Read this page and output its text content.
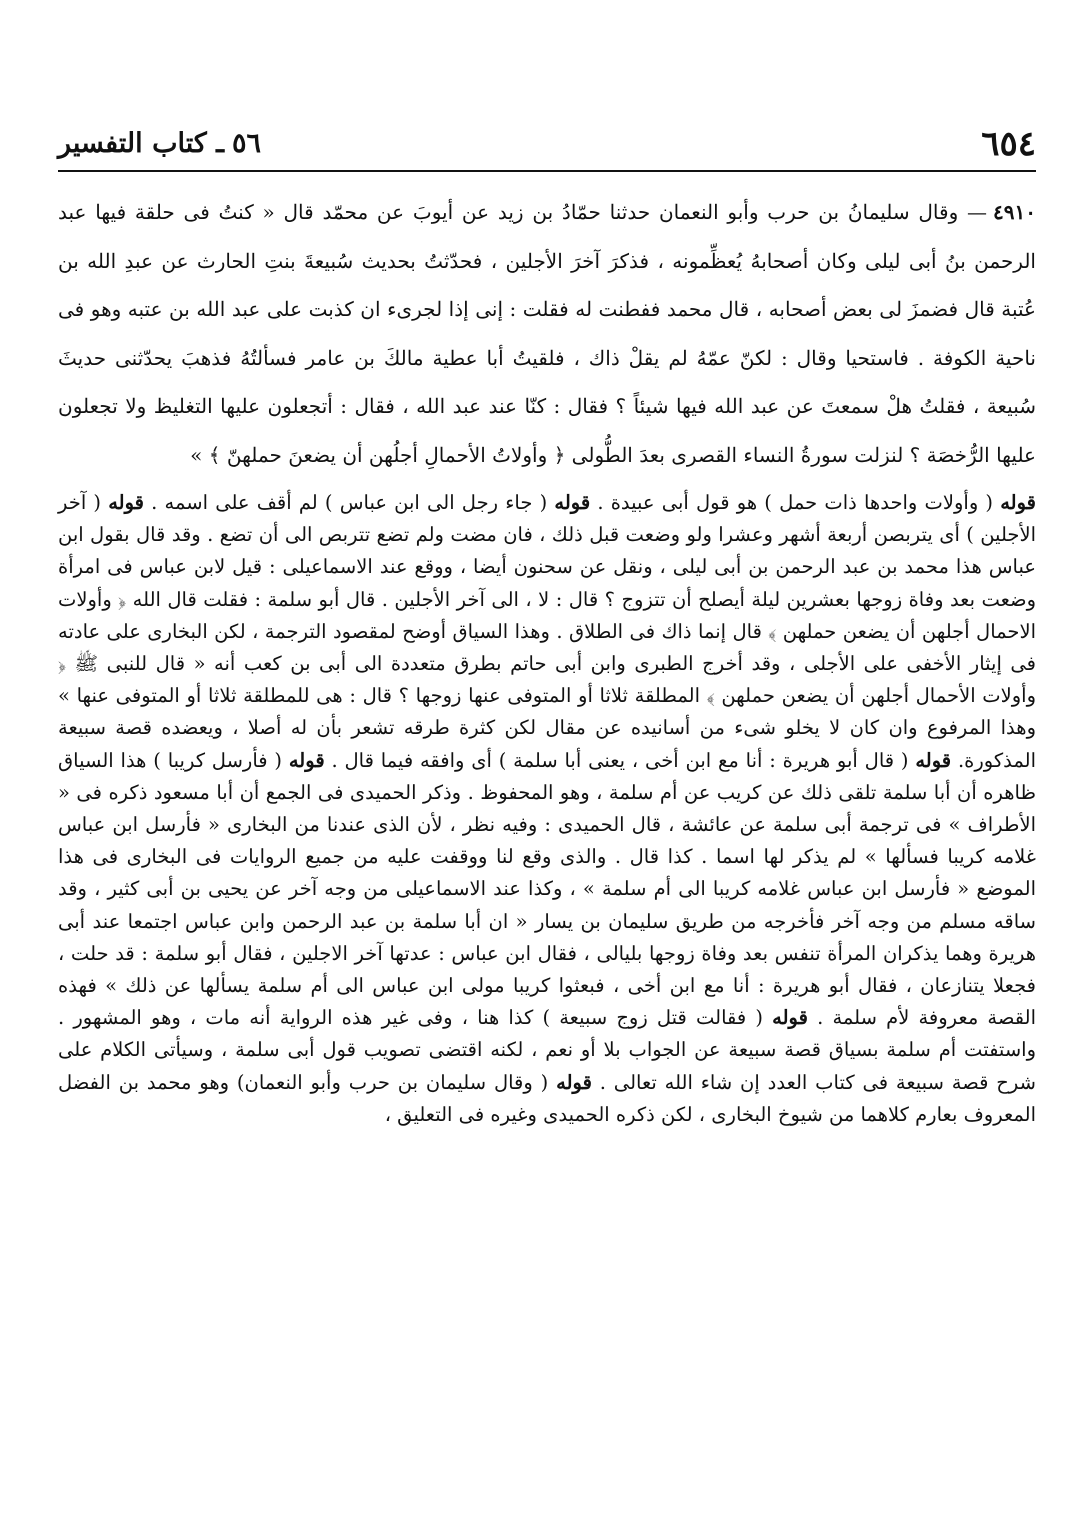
٦٥٤
٥٦ـ كتاب التفسير
٤٩١٠— وقال سليمانُ بن حرب وأبو النعمان حدثنا حمّادُ بن زيد عن أيوبَ عن محمّد قال « كنتُ فى حلقة فيها عبد الرحمن بنُ أبى ليلى وكان أصحابهُ يُعظِّمونه ، فذكرَ آخرَ الأجلين ، فحدّثتُ بحديث سُبيعةَ بنتِ الحارث عن عبدِ الله بن عُتبة قال فضمزَ لى بعض أصحابه ، قال محمد ففطنت له فقلت : إنى إذا لجرىء ان كذبت على عبد الله بن عتبه وهو فى ناحية الكوفة . فاستحيا وقال : لكنّ عمّهُ لم يقلْ ذاك ، فلقيتُ أبا عطية مالكَ بن عامر فسألتُهُ فذهبَ يحدّثنى حديثَ سُبيعة ، فقلتُ هلْ سمعتَ عن عبد الله فيها شيئاً ؟ فقال : كنّا عند عبد الله ، فقال : أتجعلون عليها التغليظ ولا تجعلون عليها الرُّخصَة ؟ لنزلت سورةُ النساء القصرى بعدَ الطُّولى ﴿ وأولاتُ الأحمالِ أجلُهن أن يضعنَ حملهنّ ﴾ »
قوله ( وأولات واحدها ذات حمل ) هو قول أبى عبيدة . قوله ( جاء رجل الى ابن عباس ) لم أقف على اسمه . قوله ( آخر الأجلين ) أى يتربصن أربعة أشهر وعشرا ولو وضعت قبل ذلك ، فان مضت ولم تضع تتربص الى أن تضع . وقد قال بقول ابن عباس هذا محمد بن عبد الرحمن بن أبى ليلى ، ونقل عن سحنون أيضا ، ووقع عند الاسماعيلى : قيل لابن عباس فى امرأة وضعت بعد وفاة زوجها بعشرين ليلة أيصلح أن تتزوج ؟ قال : لا ، الى آخر الأجلين . قال أبو سلمة : فقلت قال الله ﴿ وأولات الاحمال أجلهن أن يضعن حملهن ﴾ قال إنما ذاك فى الطلاق . وهذا السياق أوضح لمقصود الترجمة ، لكن البخارى على عادته فى إيثار الأخفى على الأجلى ، وقد أخرج الطبرى وابن أبى حاتم بطرق متعددة الى أبى بن كعب أنه « قال للنبى ﷺ ﴿ وأولات الأحمال أجلهن أن يضعن حملهن ﴾ المطلقة ثلاثا أو المتوفى عنها زوجها ؟ قال : هى للمطلقة ثلاثا أو المتوفى عنها » وهذا المرفوع وان كان لا يخلو شىء من أسانيده عن مقال لكن كثرة طرقه تشعر بأن له أصلا ، ويعضده قصة سبيعة المذكورة. قوله ( قال أبو هريرة : أنا مع ابن أخى ، يعنى أبا سلمة ) أى وافقه فيما قال . قوله ( فأرسل كريبا ) هذا السياق ظاهره أن أبا سلمة تلقى ذلك عن كريب عن أم سلمة ، وهو المحفوظ . وذكر الحميدى فى الجمع أن أبا مسعود ذكره فى « الأطراف » فى ترجمة أبى سلمة عن عائشة ، قال الحميدى : وفيه نظر ، لأن الذى عندنا من البخارى « فأرسل ابن عباس غلامه كريبا فسألها » لم يذكر لها اسما . كذا قال . والذى وقع لنا ووقفت عليه من جميع الروايات فى البخارى فى هذا الموضع « فأرسل ابن عباس غلامه كريبا الى أم سلمة » ، وكذا عند الاسماعيلى من وجه آخر عن يحيى بن أبى كثير ، وقد ساقه مسلم من وجه آخر فأخرجه من طريق سليمان بن يسار « ان أبا سلمة بن عبد الرحمن وابن عباس اجتمعا عند أبى هريرة وهما يذكران المرأة تنفس بعد وفاة زوجها بليالى ، فقال ابن عباس : عدتها آخر الاجلين ، فقال أبو سلمة : قد حلت ، فجعلا يتنازعان ، فقال أبو هريرة : أنا مع ابن أخى ، فبعثوا كريبا مولى ابن عباس الى أم سلمة يسألها عن ذلك » فهذه القصة معروفة لأم سلمة . قوله ( فقالت قتل زوج سبيعة ) كذا هنا ، وفى غير هذه الرواية أنه مات ، وهو المشهور . واستفتت أم سلمة بسياق قصة سبيعة عن الجواب بلا أو نعم ، لكنه اقتضى تصويب قول أبى سلمة ، وسيأتى الكلام على شرح قصة سبيعة فى كتاب العدد إن شاء الله تعالى . قوله ( وقال سليمان بن حرب وأبو النعمان) وهو محمد بن الفضل المعروف بعارم كلاهما من شيوخ البخارى ، لكن ذكره الحميدى وغيره فى التعليق ،
